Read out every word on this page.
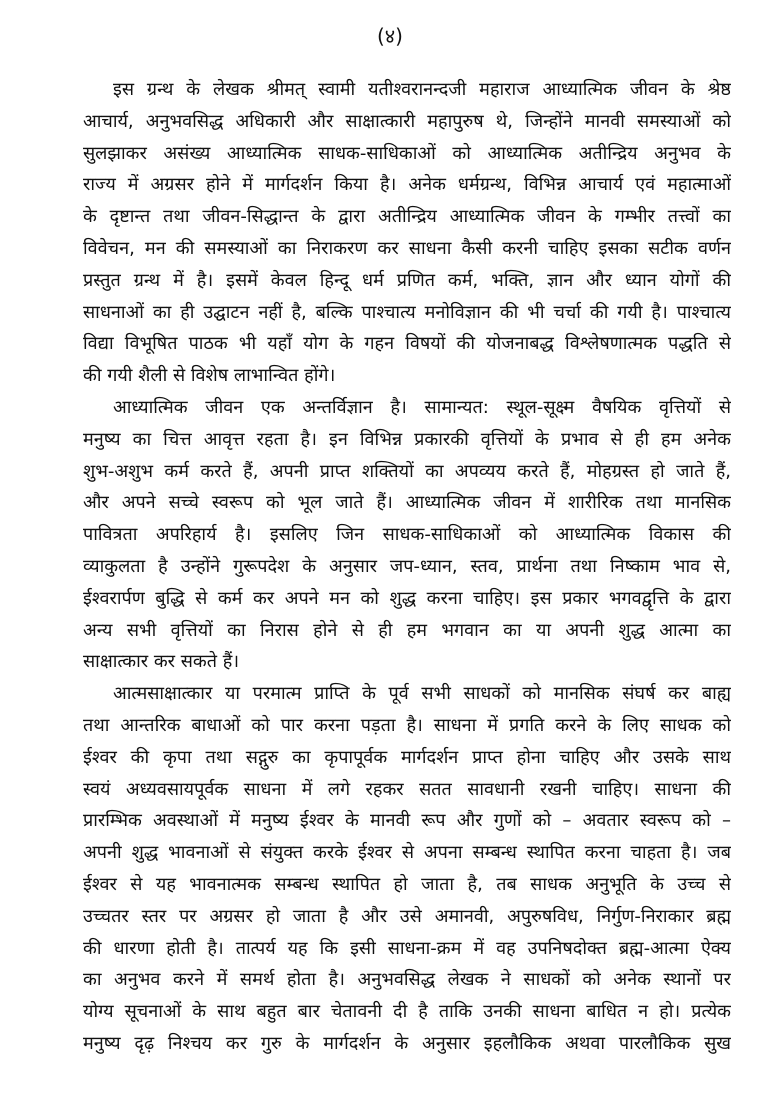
(४)
इस ग्रन्थ के लेखक श्रीमत् स्वामी यतीश्वरानन्दजी महाराज आध्यात्मिक जीवन के श्रेष्ठ
आचार्य, अनुभवसिद्ध अधिकारी और साक्षात्कारी महापुरुष थे, जिन्होंने मानवी समस्याओं को
सुलझाकर असंख्य आध्यात्मिक साधक-साधिकाओं को आध्यात्मिक अतीन्द्रिय अनुभव के
राज्य में अग्रसर होने में मार्गदर्शन किया है। अनेक धर्मग्रन्थ, विभिन्न आचार्य एवं महात्माओं
के दृष्टान्त तथा जीवन-सिद्धान्त के द्वारा अतीन्द्रिय आध्यात्मिक जीवन के गम्भीर तत्त्वों का
विवेचन, मन की समस्याओं का निराकरण कर साधना कैसी करनी चाहिए इसका सटीक वर्णन
प्रस्तुत ग्रन्थ में है। इसमें केवल हिन्दू धर्म प्रणित कर्म, भक्ति, ज्ञान और ध्यान योगों की
साधनाओं का ही उद्घाटन नहीं है, बल्कि पाश्चात्य मनोविज्ञान की भी चर्चा की गयी है। पाश्चात्य
विद्या विभूषित पाठक भी यहाँ योग के गहन विषयों की योजनाबद्ध विश्लेषणात्मक पद्धति से
की गयी शैली से विशेष लाभान्वित होंगे।
आध्यात्मिक जीवन एक अन्तर्विज्ञान है। सामान्यत: स्थूल-सूक्ष्म वैषयिक वृत्तियों से
मनुष्य का चित्त आवृत्त रहता है। इन विभिन्न प्रकारकी वृत्तियों के प्रभाव से ही हम अनेक
शुभ-अशुभ कर्म करते हैं, अपनी प्राप्त शक्तियों का अपव्यय करते हैं, मोहग्रस्त हो जाते हैं,
और अपने सच्चे स्वरूप को भूल जाते हैं। आध्यात्मिक जीवन में शारीरिक तथा मानसिक
पावित्रता अपरिहार्य है। इसलिए जिन साधक-साधिकाओं को आध्यात्मिक विकास की
व्याकुलता है उन्होंने गुरूपदेश के अनुसार जप-ध्यान, स्तव, प्रार्थना तथा निष्काम भाव से,
ईश्वरार्पण बुद्धि से कर्म कर अपने मन को शुद्ध करना चाहिए। इस प्रकार भगवद्वृत्ति के द्वारा
अन्य सभी वृत्तियों का निरास होने से ही हम भगवान का या अपनी शुद्ध आत्मा का
साक्षात्कार कर सकते हैं।
आत्मसाक्षात्कार या परमात्म प्राप्ति के पूर्व सभी साधकों को मानसिक संघर्ष कर बाह्य
तथा आन्तरिक बाधाओं को पार करना पड़ता है। साधना में प्रगति करने के लिए साधक को
ईश्वर की कृपा तथा सद्गुरु का कृपापूर्वक मार्गदर्शन प्राप्त होना चाहिए और उसके साथ
स्वयं अध्यवसायपूर्वक साधना में लगे रहकर सतत सावधानी रखनी चाहिए। साधना की
प्रारम्भिक अवस्थाओं में मनुष्य ईश्वर के मानवी रूप और गुणों को – अवतार स्वरूप को –
अपनी शुद्ध भावनाओं से संयुक्त करके ईश्वर से अपना सम्बन्ध स्थापित करना चाहता है। जब
ईश्वर से यह भावनात्मक सम्बन्ध स्थापित हो जाता है, तब साधक अनुभूति के उच्च से
उच्चतर स्तर पर अग्रसर हो जाता है और उसे अमानवी, अपुरुषविध, निर्गुण-निराकार ब्रह्म
की धारणा होती है। तात्पर्य यह कि इसी साधना-क्रम में वह उपनिषदोक्त ब्रह्म-आत्मा ऐक्य
का अनुभव करने में समर्थ होता है। अनुभवसिद्ध लेखक ने साधकों को अनेक स्थानों पर
योग्य सूचनाओं के साथ बहुत बार चेतावनी दी है ताकि उनकी साधना बाधित न हो। प्रत्येक
मनुष्य दृढ़ निश्चय कर गुरु के मार्गदर्शन के अनुसार इहलौकिक अथवा पारलौकिक सुख
